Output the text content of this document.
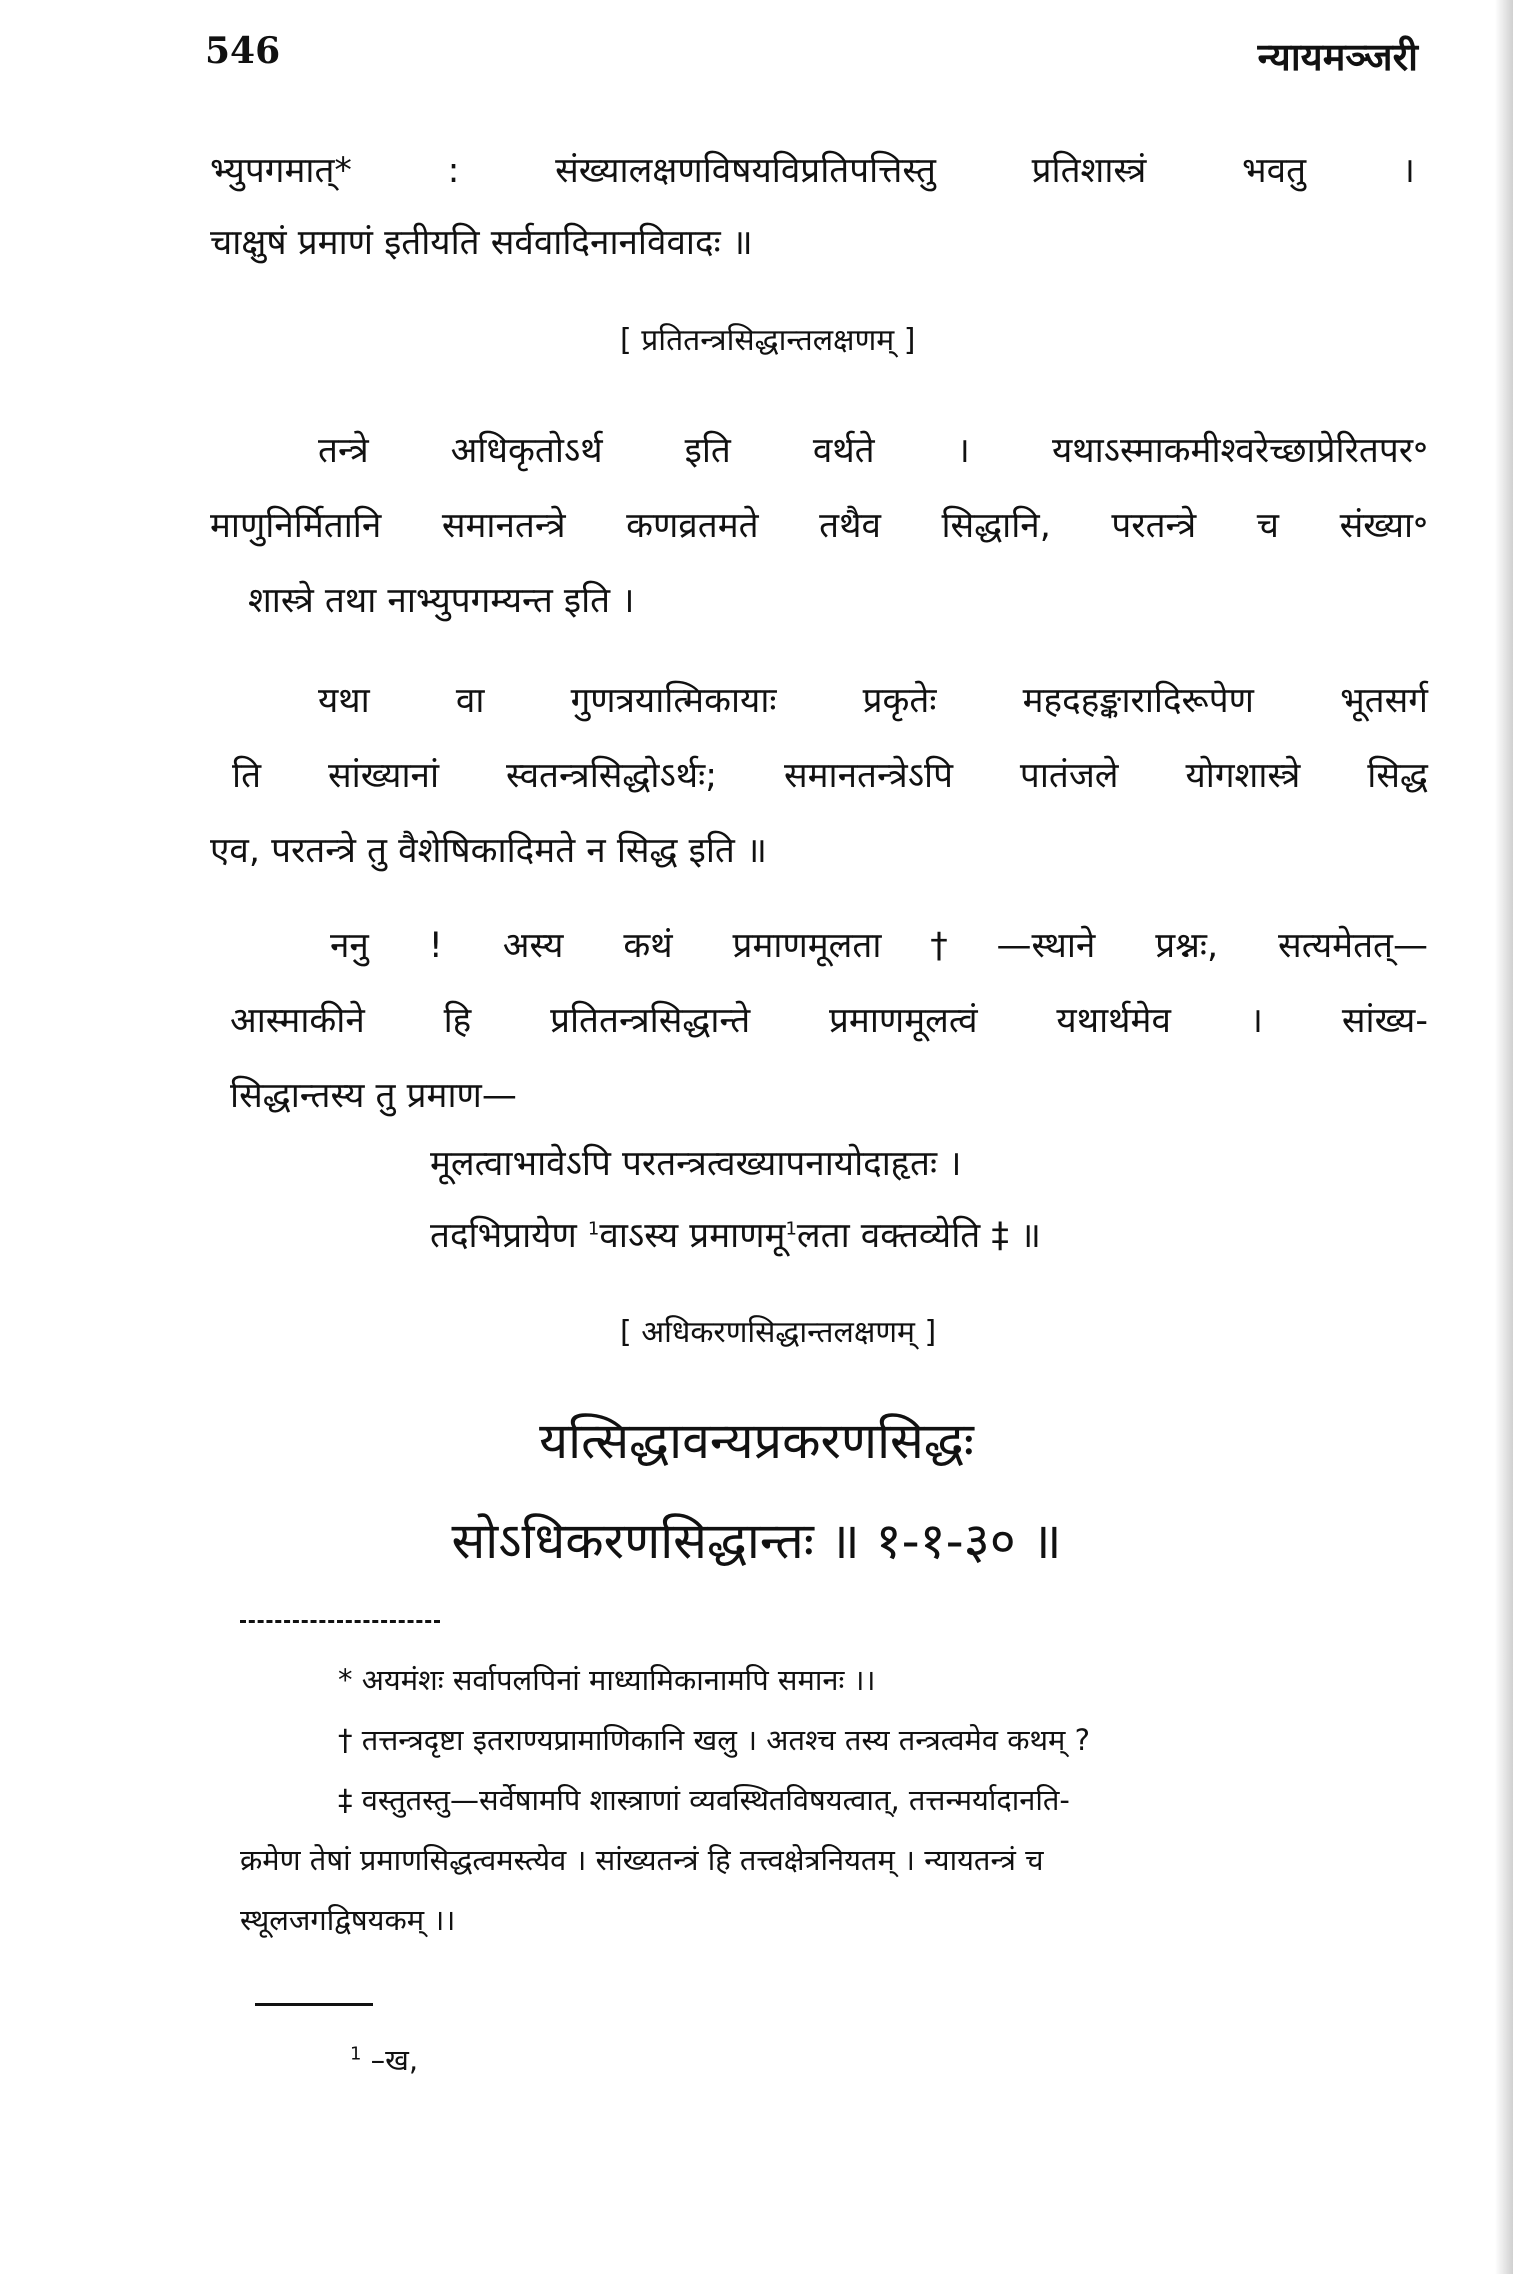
546	न्यायमञ्जरी
भ्युपगमात्* : संख्यालक्षणविषयविप्रतिपत्तिस्तु प्रतिशास्त्रं भवतु ।
चाक्षुषं प्रमाणं इतीयति सर्ववादिनानविवादः ॥
[ प्रतितन्त्रसिद्धान्तलक्षणम् ]
तन्त्रे अधिकृतोऽर्थ इति वर्थते । यथाऽस्माकमीश्वरेच्छाप्रेरितपर॰
माणुनिर्मितानि समानतन्त्रे कणव्रतमते तथैव सिद्धानि, परतन्त्रे च संख्या॰
शास्त्रे तथा नाभ्युपगम्यन्त इति ।
यथा वा गुणत्रयात्मिकायाः प्रकृतेः महदहङ्कारादिरूपेण भूतसर्ग
ति सांख्यानां स्वतन्त्रसिद्धोऽर्थः; समानतन्त्रेऽपि पातंजले योगशास्त्रे सिद्ध
एव, परतन्त्रे तु वैशेषिकादिमते न सिद्ध इति ॥
ननु ! अस्य कथं प्रमाणमूलता†—स्थाने प्रश्नः, सत्यमेतत्—
आस्माकीने हि प्रतितन्त्रसिद्धान्ते प्रमाणमूलत्वं यथार्थमेव । सांख्य-
सिद्धान्तस्य तु प्रमाण—
मूलत्वाभावेऽपि परतन्त्रत्वख्यापनायोदाहृतः ।
तदभिप्रायेण $^1$वाऽस्य प्रमाणमू$^1$लता वक्तव्येति ‡ ॥
[ अधिकरणसिद्धान्तलक्षणम् ]
यत्सिद्धावन्यप्रकरणसिद्धः
सोऽधिकरणसिद्धान्तः ॥ १-१-३० ॥
* अयमंशः सर्वापलपिनां माध्यामिकानामपि समानः ।।
† तत्तन्त्रदृष्टा इतराण्यप्रामाणिकानि खलु । अतश्च तस्य तन्त्रत्वमेव कथम् ?
‡ वस्तुतस्तु—सर्वेषामपि शास्त्राणां व्यवस्थितविषयत्वात्, तत्तन्मर्यादानति-
क्रमेण तेषां प्रमाणसिद्धत्वमस्त्येव । सांख्यतन्त्रं हि तत्त्वक्षेत्रनियतम् । न्यायतन्त्रं च
स्थूलजगद्विषयकम् ।।
$^1$ –ख,
